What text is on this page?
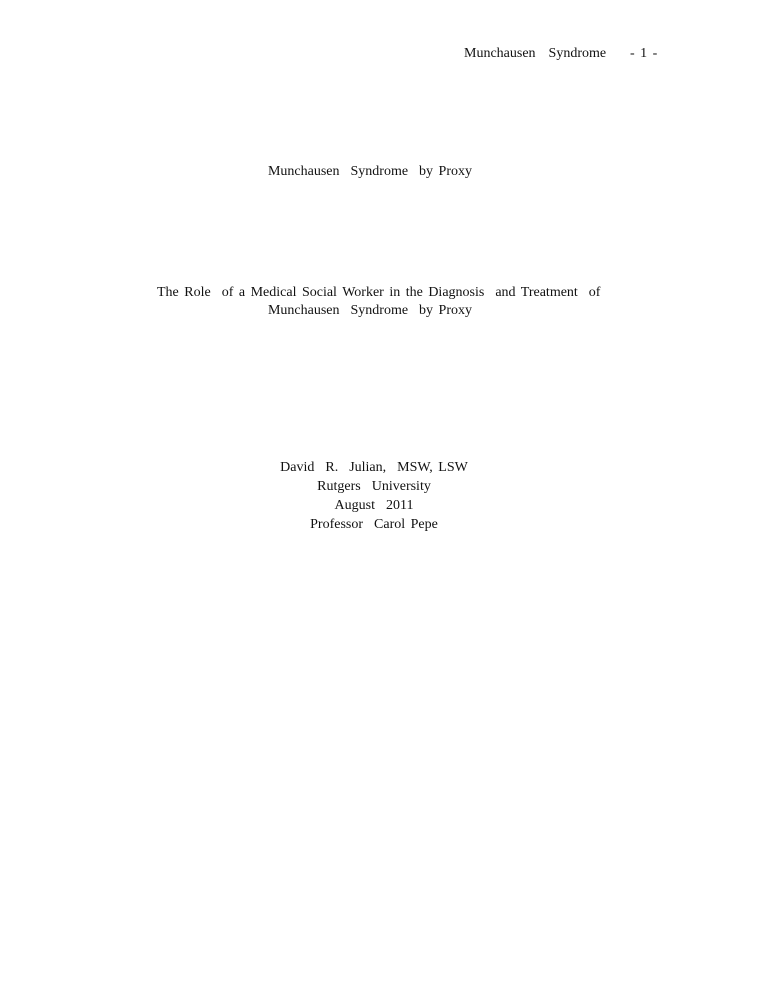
Munchausen  Syndrome - 1 -
Munchausen  Syndrome  by Proxy
The Role  of a Medical Social Worker in the Diagnosis  and Treatment  of
Munchausen  Syndrome  by Proxy
David  R.  Julian,  MSW, LSW
Rutgers  University
August  2011
Professor  Carol Pepe
